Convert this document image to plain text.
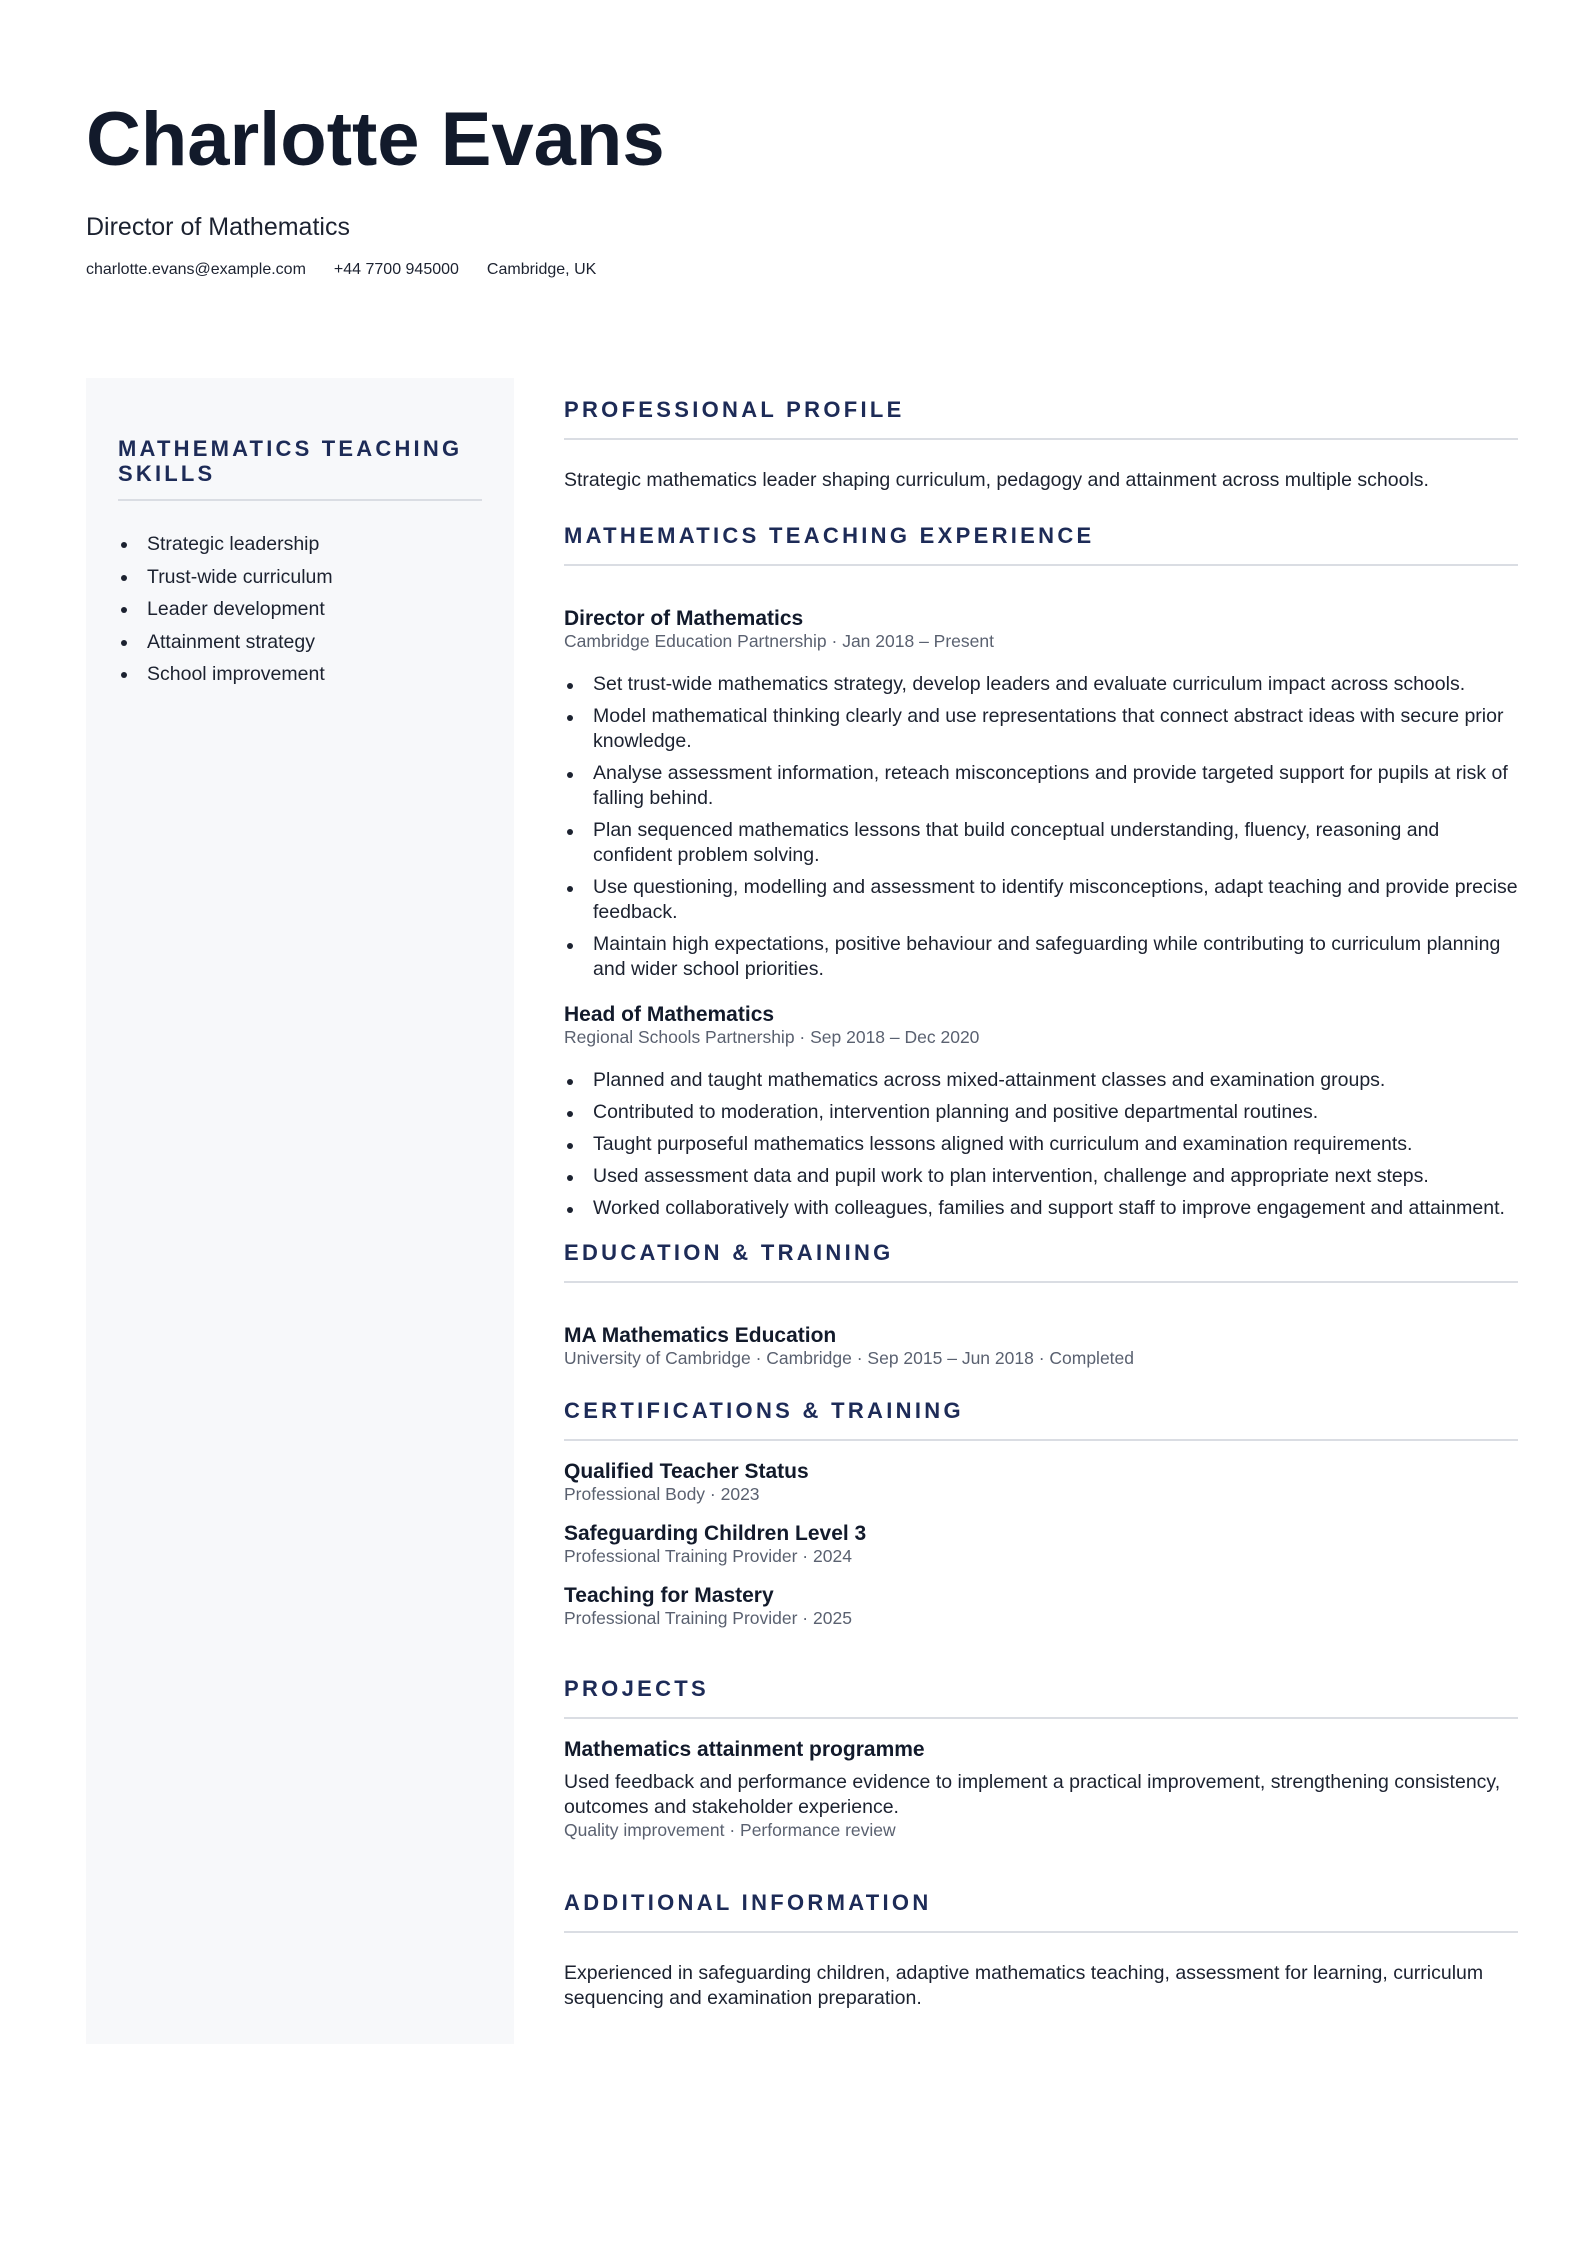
Charlotte Evans
Director of Mathematics
charlotte.evans@example.com +44 7700 945000 Cambridge, UK
MATHEMATICS TEACHING SKILLS
Strategic leadership
Trust-wide curriculum
Leader development
Attainment strategy
School improvement
PROFESSIONAL PROFILE
Strategic mathematics leader shaping curriculum, pedagogy and attainment across multiple schools.
MATHEMATICS TEACHING EXPERIENCE
Director of Mathematics
Cambridge Education Partnership · Jan 2018 – Present
Set trust-wide mathematics strategy, develop leaders and evaluate curriculum impact across schools.
Model mathematical thinking clearly and use representations that connect abstract ideas with secure prior knowledge.
Analyse assessment information, reteach misconceptions and provide targeted support for pupils at risk of falling behind.
Plan sequenced mathematics lessons that build conceptual understanding, fluency, reasoning and confident problem solving.
Use questioning, modelling and assessment to identify misconceptions, adapt teaching and provide precise feedback.
Maintain high expectations, positive behaviour and safeguarding while contributing to curriculum planning and wider school priorities.
Head of Mathematics
Regional Schools Partnership · Sep 2018 – Dec 2020
Planned and taught mathematics across mixed-attainment classes and examination groups.
Contributed to moderation, intervention planning and positive departmental routines.
Taught purposeful mathematics lessons aligned with curriculum and examination requirements.
Used assessment data and pupil work to plan intervention, challenge and appropriate next steps.
Worked collaboratively with colleagues, families and support staff to improve engagement and attainment.
EDUCATION & TRAINING
MA Mathematics Education
University of Cambridge · Cambridge · Sep 2015 – Jun 2018 · Completed
CERTIFICATIONS & TRAINING
Qualified Teacher Status
Professional Body · 2023
Safeguarding Children Level 3
Professional Training Provider · 2024
Teaching for Mastery
Professional Training Provider · 2025
PROJECTS
Mathematics attainment programme
Used feedback and performance evidence to implement a practical improvement, strengthening consistency, outcomes and stakeholder experience.
Quality improvement · Performance review
ADDITIONAL INFORMATION
Experienced in safeguarding children, adaptive mathematics teaching, assessment for learning, curriculum sequencing and examination preparation.
